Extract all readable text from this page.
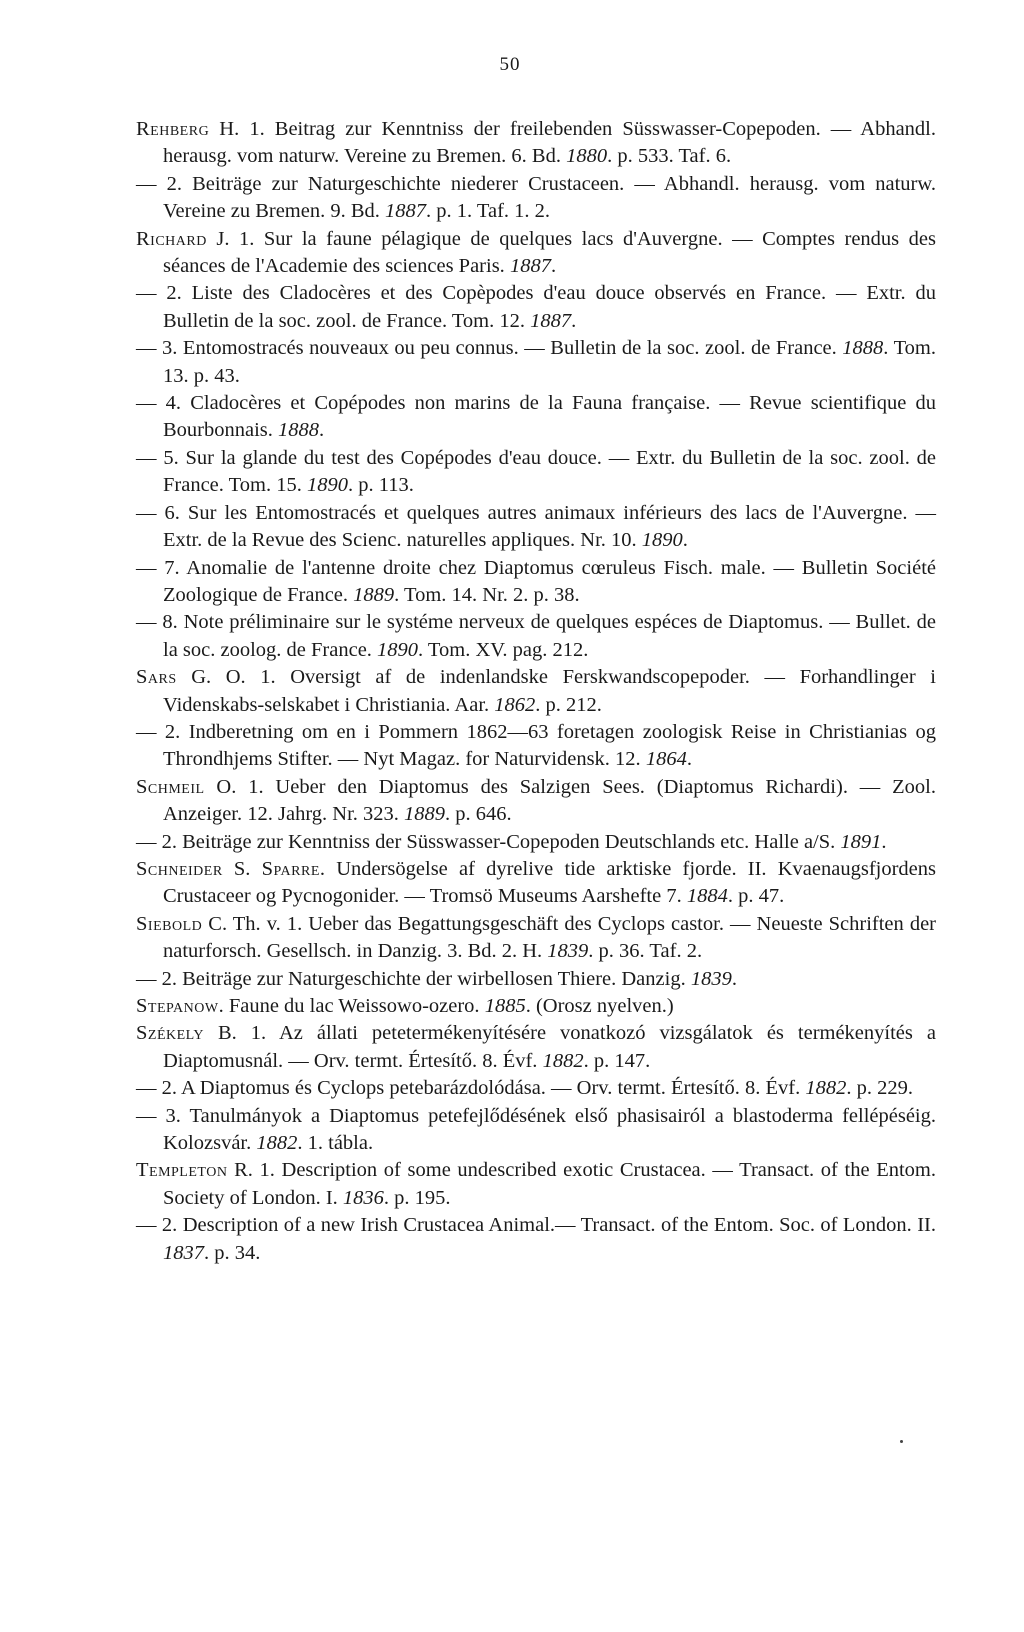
50
Rehberg H. 1. Beitrag zur Kenntniss der freilebenden Süsswasser-Copepoden. — Abhandl. herausg. vom naturw. Vereine zu Bremen. 6. Bd. 1880. p. 533. Taf. 6.
— 2. Beiträge zur Naturgeschichte niederer Crustaceen. — Abhandl. herausg. vom naturw. Vereine zu Bremen. 9. Bd. 1887. p. 1. Taf. 1. 2.
Richard J. 1. Sur la faune pélagique de quelques lacs d'Auvergne. — Comptes rendus des séances de l'Academie des sciences Paris. 1887.
— 2. Liste des Cladocères et des Copèpodes d'eau douce observés en France. — Extr. du Bulletin de la soc. zool. de France. Tom. 12. 1887.
— 3. Entomostracés nouveaux ou peu connus. — Bulletin de la soc. zool. de France. 1888. Tom. 13. p. 43.
— 4. Cladocères et Copépodes non marins de la Fauna française. — Revue scientifique du Bourbonnais. 1888.
— 5. Sur la glande du test des Copépodes d'eau douce. — Extr. du Bulletin de la soc. zool. de France. Tom. 15. 1890. p. 113.
— 6. Sur les Entomostracés et quelques autres animaux inférieurs des lacs de l'Auvergne. — Extr. de la Revue des Scienc. naturelles appliques. Nr. 10. 1890.
— 7. Anomalie de l'antenne droite chez Diaptomus cœruleus Fisch. male. — Bulletin Société Zoologique de France. 1889. Tom. 14. Nr. 2. p. 38.
— 8. Note préliminaire sur le systéme nerveux de quelques espéces de Diaptomus. — Bullet. de la soc. zoolog. de France. 1890. Tom. XV. pag. 212.
Sars G. O. 1. Oversigt af de indenlandske Ferskwandscopepoder. — Forhandlinger i Videnskabs-selskabet i Christiania. Aar. 1862. p. 212.
— 2. Indberetning om en i Pommern 1862—63 foretagen zoologisk Reise in Christianias og Throndhjems Stifter. — Nyt Magaz. for Naturvidensk. 12. 1864.
Schmeil O. 1. Ueber den Diaptomus des Salzigen Sees. (Diaptomus Richardi). — Zool. Anzeiger. 12. Jahrg. Nr. 323. 1889. p. 646.
— 2. Beiträge zur Kenntniss der Süsswasser-Copepoden Deutschlands etc. Halle a/S. 1891.
Schneider S. Sparre. Undersögelse af dyrelive tide arktiske fjorde. II. Kvaenaugsfjordens Crustaceer og Pycnogonider. — Tromsö Museums Aarshefte 7. 1884. p. 47.
Siebold C. Th. v. 1. Ueber das Begattungsgeschäft des Cyclops castor. — Neueste Schriften der naturforsch. Gesellsch. in Danzig. 3. Bd. 2. H. 1839. p. 36. Taf. 2.
— 2. Beiträge zur Naturgeschichte der wirbellosen Thiere. Danzig. 1839.
Stepanow. Faune du lac Weissowo-ozero. 1885. (Orosz nyelven.)
Székely B. 1. Az állati petetermékenyítésére vonatkozó vizsgálatok és termékenyítés a Diaptomusnál. — Orv. termt. Értesítő. 8. Évf. 1882. p. 147.
— 2. A Diaptomus és Cyclops petebarázdolódása. — Orv. termt. Értesítő. 8. Évf. 1882. p. 229.
— 3. Tanulmányok a Diaptomus petefejlődésének első phasisairól a blastoderma fellépéséig. Kolozsvár. 1882. 1. tábla.
Templeton R. 1. Description of some undescribed exotic Crustacea. — Transact. of the Entom. Society of London. I. 1836. p. 195.
— 2. Description of a new Irish Crustacea Animal.— Transact. of the Entom. Soc. of London. II. 1837. p. 34.
